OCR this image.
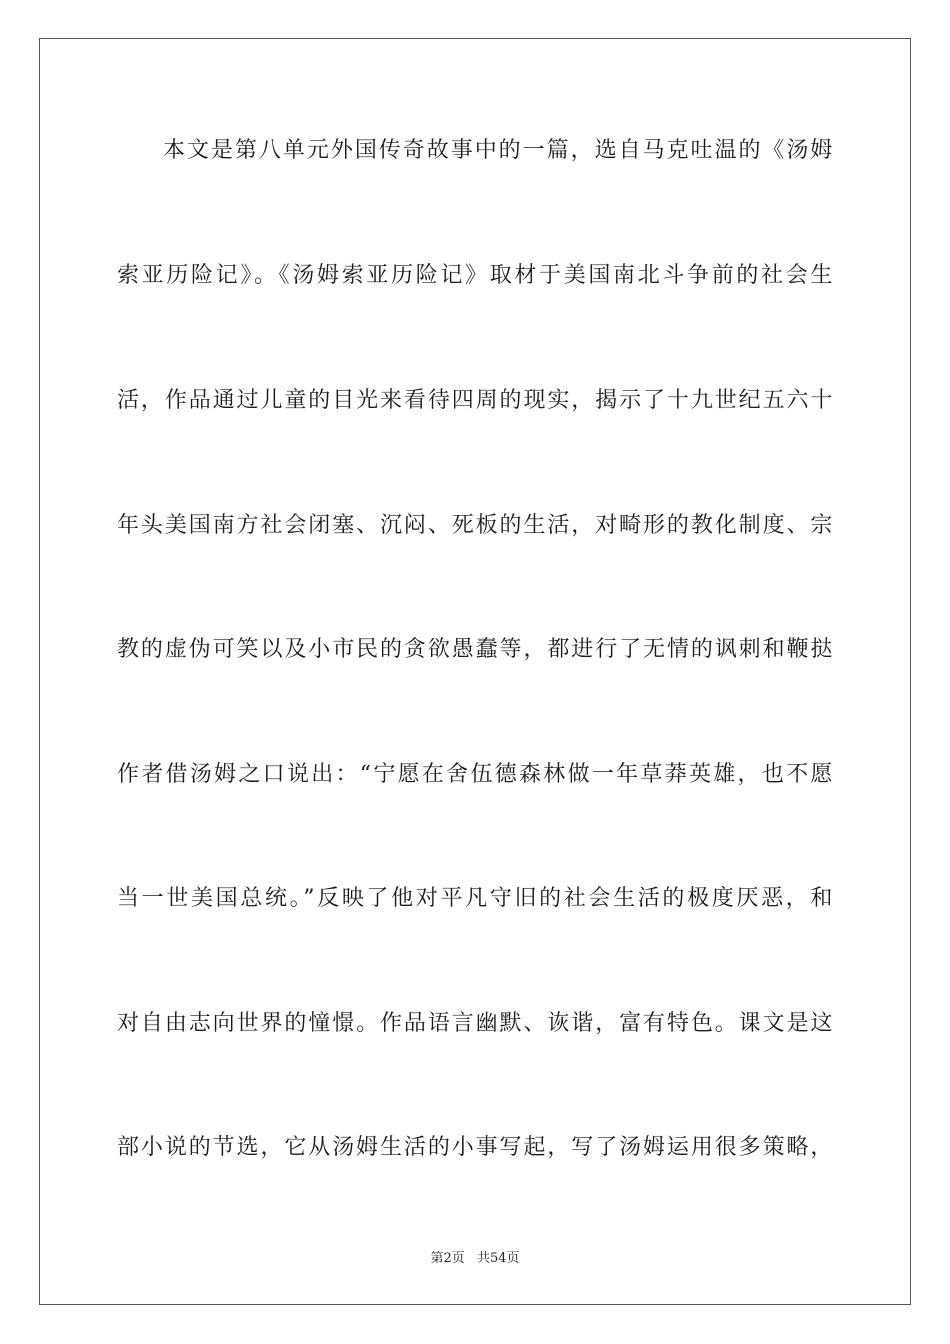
本文是第八单元外国传奇故事中的一篇，选自马克吐温的《汤姆
索亚历险记》。《汤姆索亚历险记》取材于美国南北斗争前的社会生
活，作品通过儿童的目光来看待四周的现实，揭示了十九世纪五六十
年头美国南方社会闭塞、沉闷、死板的生活，对畸形的教化制度、宗
教的虚伪可笑以及小市民的贪欲愚蠢等，都进行了无情的讽刺和鞭挞
作者借汤姆之口说出：“宁愿在舍伍德森林做一年草莽英雄，也不愿
当一世美国总统。”反映了他对平凡守旧的社会生活的极度厌恶，和
对自由志向世界的憧憬。作品语言幽默、诙谐，富有特色。课文是这
部小说的节选，它从汤姆生活的小事写起，写了汤姆运用很多策略，
第2页 共54页
